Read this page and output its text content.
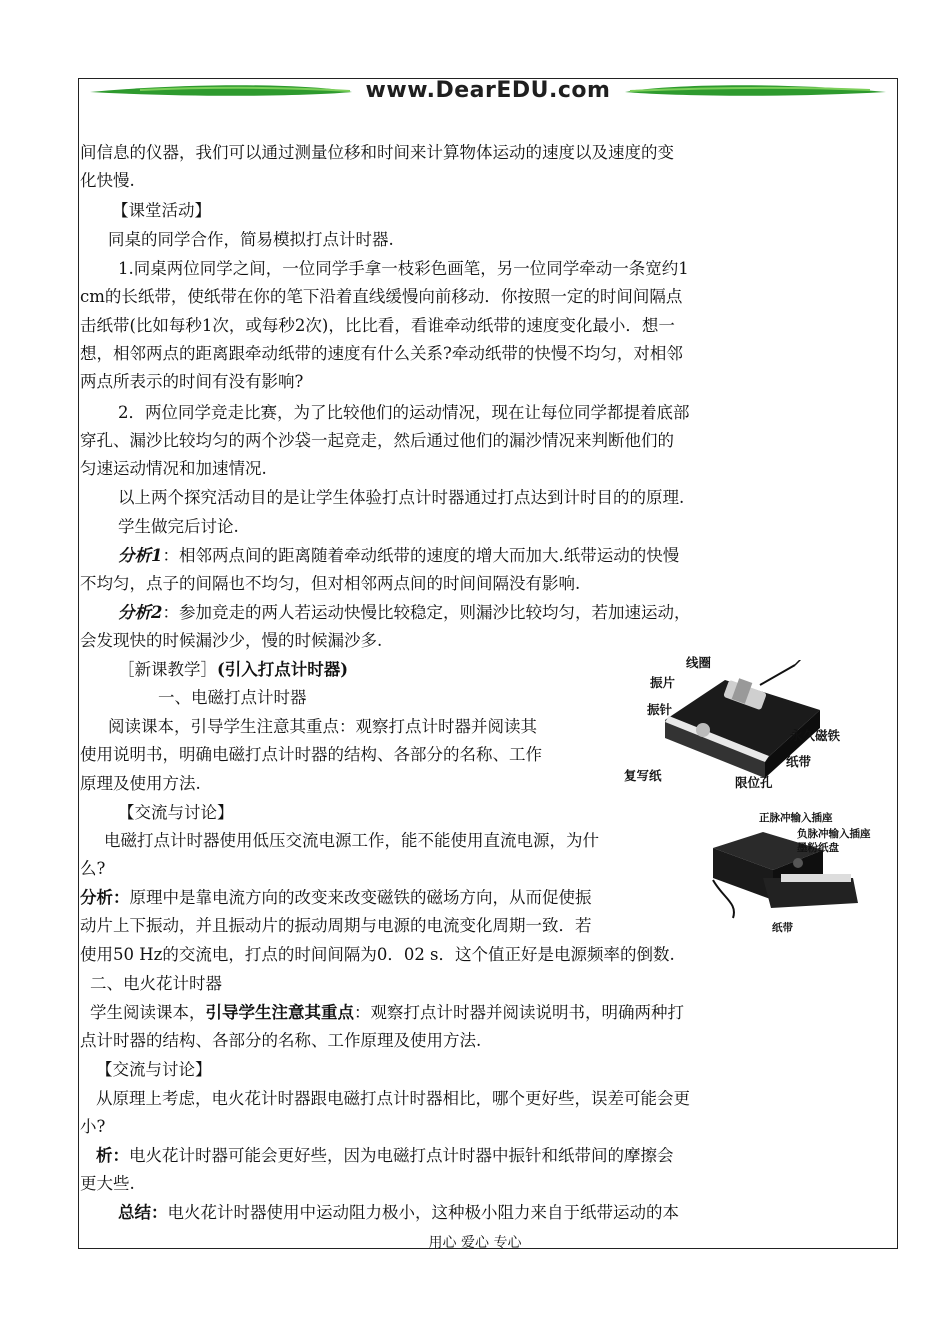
www.DearEDU.com
间信息的仪器，我们可以通过测量位移和时间来计算物体运动的速度以及速度的变
化快慢.
【课堂活动】
同桌的同学合作，简易模拟打点计时器.
1.同桌两位同学之间，一位同学手拿一枝彩色画笔，另一位同学牵动一条宽约1
cm的长纸带，使纸带在你的笔下沿着直线缓慢向前移动．你按照一定的时间间隔点
击纸带(比如每秒1次，或每秒2次)，比比看，看谁牵动纸带的速度变化最小．想一
想，相邻两点的距离跟牵动纸带的速度有什么关系?牵动纸带的快慢不均匀，对相邻
两点所表示的时间有没有影响?
2．两位同学竞走比赛，为了比较他们的运动情况，现在让每位同学都提着底部
穿孔、漏沙比较均匀的两个沙袋一起竞走，然后通过他们的漏沙情况来判断他们的
匀速运动情况和加速情况.
以上两个探究活动目的是让学生体验打点计时器通过打点达到计时目的的原理.
学生做完后讨论.
分析1：相邻两点间的距离随着牵动纸带的速度的增大而加大.纸带运动的快慢
不均匀，点子的间隔也不均匀，但对相邻两点间的时间间隔没有影响.
分析2：参加竞走的两人若运动快慢比较稳定，则漏沙比较均匀，若加速运动，
会发现快的时候漏沙少，慢的时候漏沙多.
［新课教学］(引入打点计时器)
一、电磁打点计时器
阅读课本，引导学生注意其重点：观察打点计时器并阅读其
使用说明书，明确电磁打点计时器的结构、各部分的名称、工作
原理及使用方法.
【交流与讨论】
电磁打点计时器使用低压交流电源工作，能不能使用直流电源，为什
么?
分析：原理中是靠电流方向的改变来改变磁铁的磁场方向，从而促使振
动片上下振动，并且振动片的振动周期与电源的电流变化周期一致．若
使用50 Hz的交流电，打点的时间间隔为0．02 s．这个值正好是电源频率的倒数.
二、电火花计时器
学生阅读课本，引导学生注意其重点：观察打点计时器并阅读说明书，明确两种打
点计时器的结构、各部分的名称、工作原理及使用方法.
【交流与讨论】
从原理上考虑，电火花计时器跟电磁打点计时器相比，哪个更好些，误差可能会更
小?
析：电火花计时器可能会更好些，因为电磁打点计时器中振针和纸带间的摩擦会
更大些.
总结：电火花计时器使用中运动阻力极小，这种极小阻力来自于纸带运动的本
线圈
振片
振针
永久磁铁
纸带
复写纸	限位孔
正脉冲输入插座
负脉冲输入插座
墨粉纸盘
纸带
用心 爱心 专心
